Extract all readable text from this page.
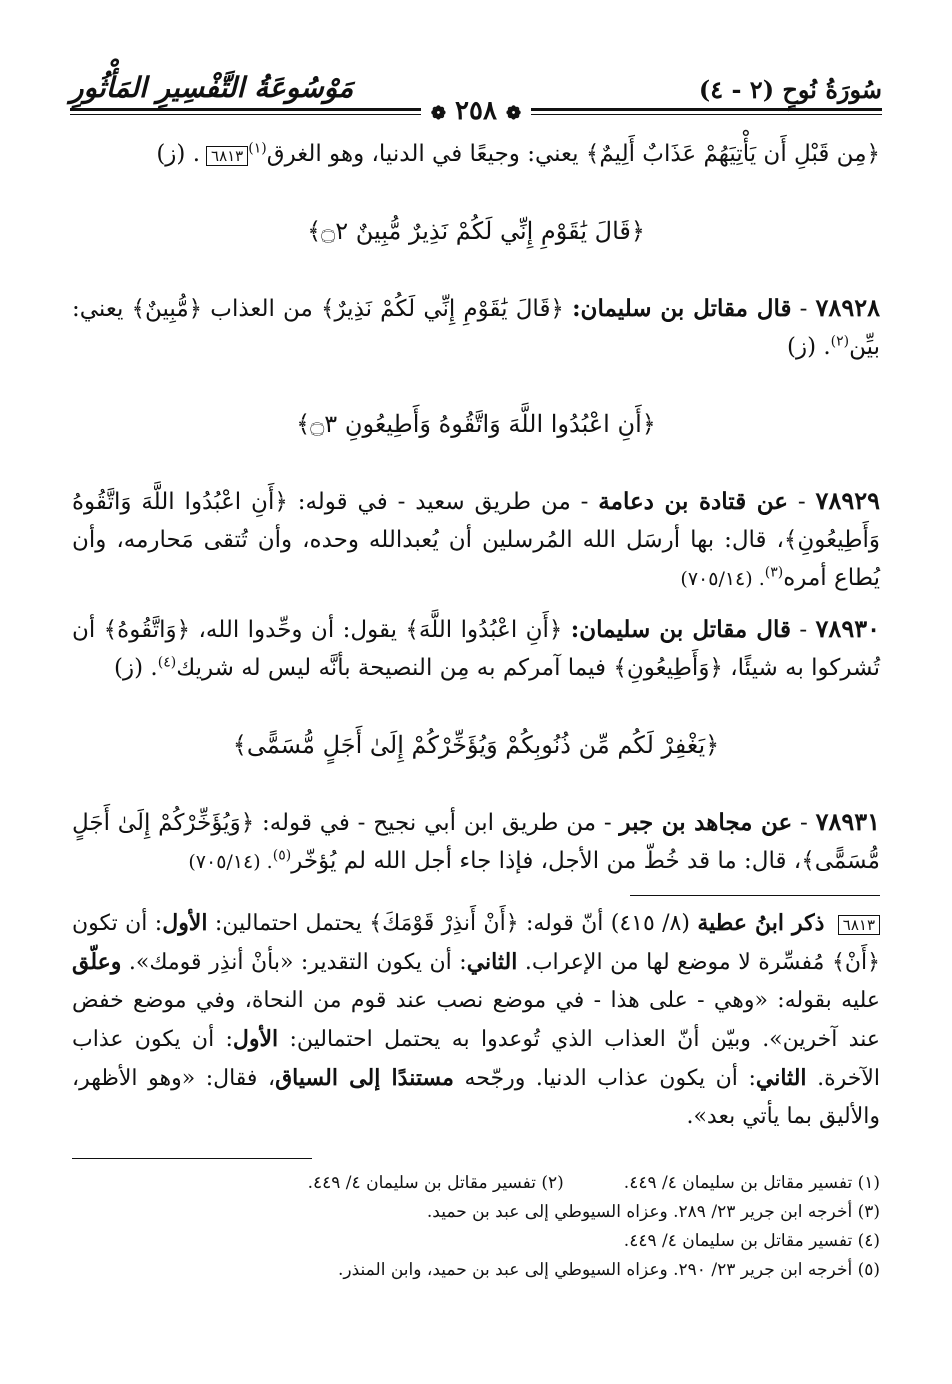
سُورَةُ نُوحٍ (٢ - ٤)
مَوْسُوعَةُ التَّفْسِيرِ المَأْثُورِ
❁ ٢٥٨ ❁

﴿مِن قَبْلِ أَن يَأْتِيَهُمْ عَذَابٌ أَلِيمٌ﴾ يعني: وجيعًا في الدنيا، وهو الغرق$^{(١)}$٦٨١٣. (ز)

﴿قَالَ يَٰقَوْمِ إِنِّي لَكُمْ نَذِيرٌ مُّبِينٌ ۝٢﴾

٧٨٩٢٨ - قال مقاتل بن سليمان: ﴿قَالَ يَٰقَوْمِ إِنِّي لَكُمْ نَذِيرٌ﴾ من العذاب ﴿مُّبِينٌ﴾ يعني: بيِّن$^{(٢)}$. (ز)

﴿أَنِ اعْبُدُوا اللَّهَ وَاتَّقُوهُ وَأَطِيعُونِ ۝٣﴾

٧٨٩٢٩ - عن قتادة بن دعامة - من طريق سعيد - في قوله: ﴿أَنِ اعْبُدُوا اللَّهَ وَاتَّقُوهُ وَأَطِيعُونِ﴾، قال: بها أرسَل الله المُرسلين أن يُعبدالله وحده، وأن تُتقى مَحارمه، وأن يُطاع أمره$^{(٣)}$. (٧٠٥/١٤)

٧٨٩٣٠ - قال مقاتل بن سليمان: ﴿أَنِ اعْبُدُوا اللَّهَ﴾ يقول: أن وحِّدوا الله، ﴿وَاتَّقُوهُ﴾ أن تُشركوا به شيئًا، ﴿وَأَطِيعُونِ﴾ فيما آمركم به مِن النصيحة بأنَّه ليس له شريك$^{(٤)}$. (ز)

﴿يَغْفِرْ لَكُم مِّن ذُنُوبِكُمْ وَيُؤَخِّرْكُمْ إِلَىٰ أَجَلٍ مُّسَمًّى﴾

٧٨٩٣١ - عن مجاهد بن جبر - من طريق ابن أبي نجيح - في قوله: ﴿وَيُؤَخِّرْكُمْ إِلَىٰ أَجَلٍ مُّسَمًّى﴾، قال: ما قد خُطّ من الأجل، فإذا جاء أجل الله لم يُؤخّر$^{(٥)}$. (٧٠٥/١٤)

٦٨١٣ ذكر ابنُ عطية (٨/ ٤١٥) أنّ قوله: ﴿أَنْ أَنذِرْ قَوْمَكَ﴾ يحتمل احتمالين: الأول: أن تكون ﴿أَنْ﴾ مُفسِّرة لا موضع لها من الإعراب. الثاني: أن يكون التقدير: «بأنْ أنذِر قومك». وعلّق عليه بقوله: «وهي - على هذا - في موضع نصب عند قوم من النحاة، وفي موضع خفض عند آخرين». وبيّن أنّ العذاب الذي تُوعدوا به يحتمل احتمالين: الأول: أن يكون عذاب الآخرة. الثاني: أن يكون عذاب الدنيا. ورجّحه مستندًا إلى السياق، فقال: «وهو الأظهر، والأليق بما يأتي بعد».

(١) تفسير مقاتل بن سليمان ٤/ ٤٤٩.

(٢) تفسير مقاتل بن سليمان ٤/ ٤٤٩.

(٣) أخرجه ابن جرير ٢٣/ ٢٨٩. وعزاه السيوطي إلى عبد بن حميد.

(٤) تفسير مقاتل بن سليمان ٤/ ٤٤٩.

(٥) أخرجه ابن جرير ٢٣/ ٢٩٠. وعزاه السيوطي إلى عبد بن حميد، وابن المنذر.
